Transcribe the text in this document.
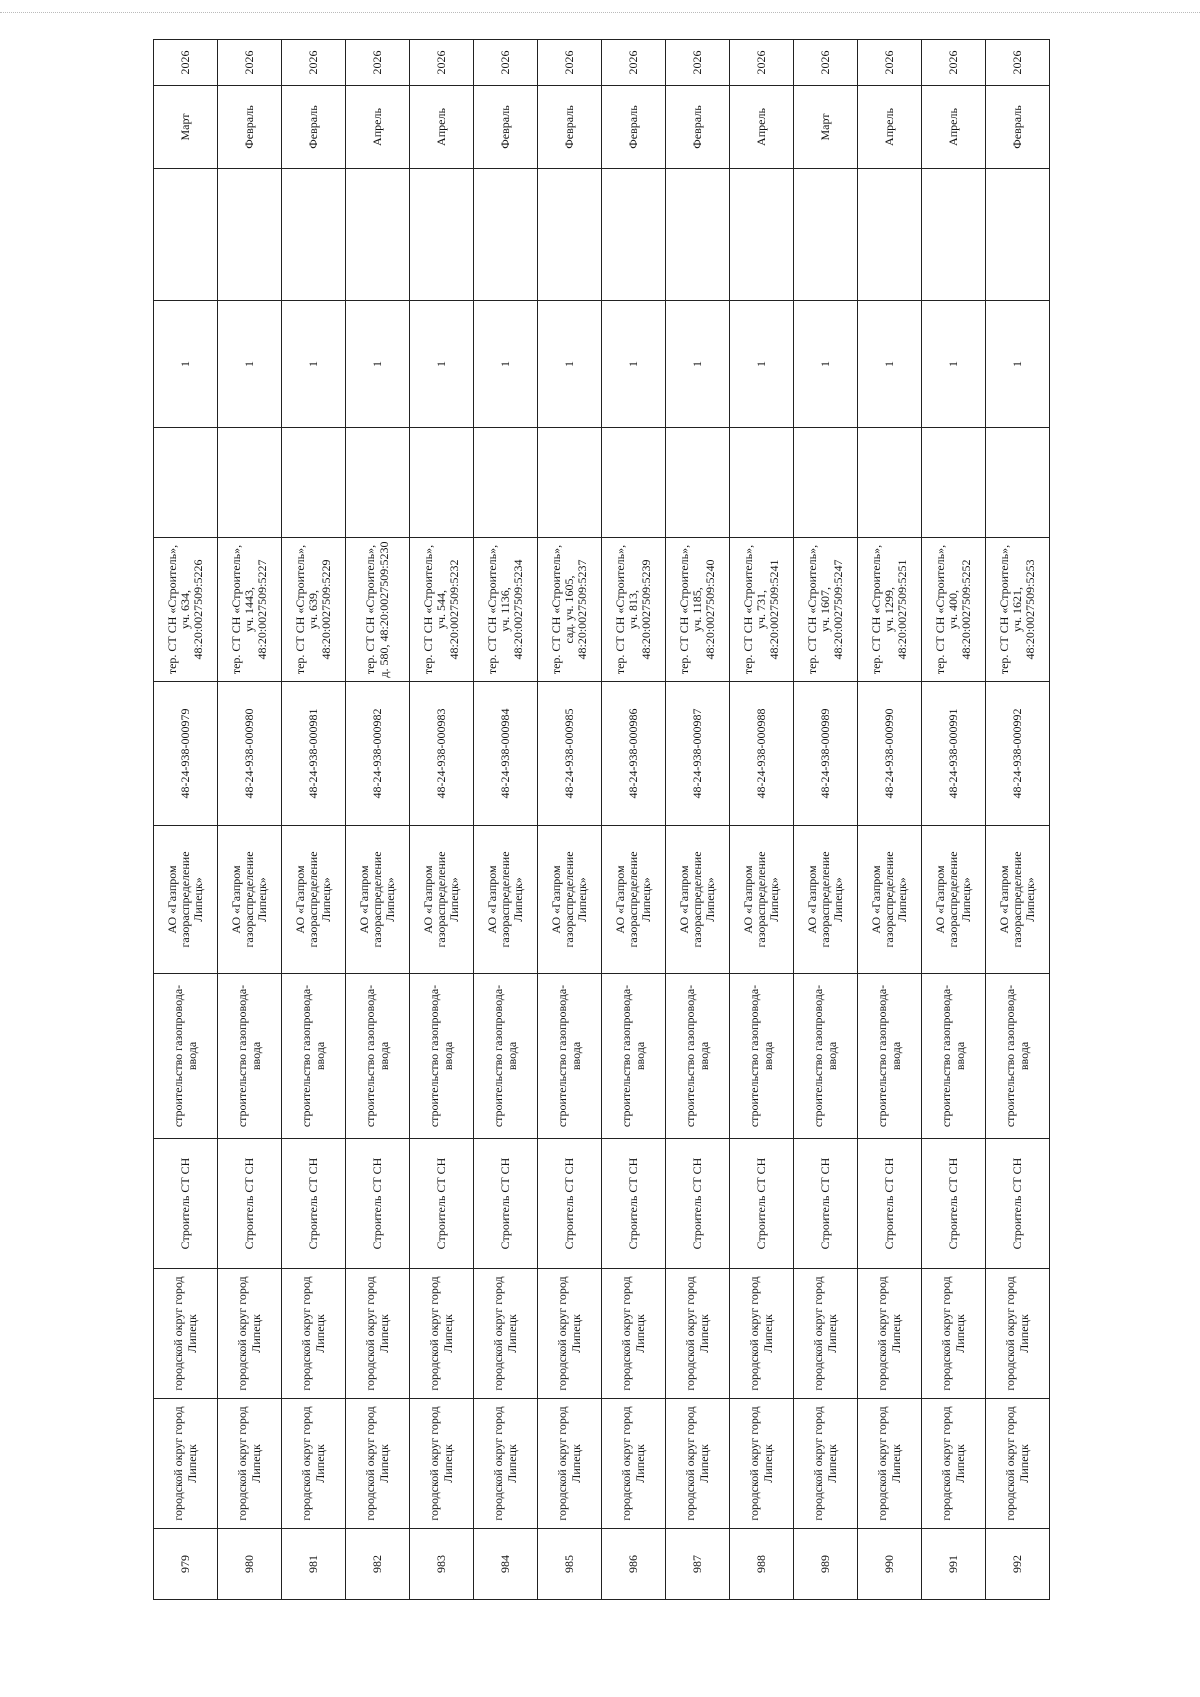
979	городской округ город Липецк	городской округ город Липецк	Строитель СТ СН	строительство газопровода-ввода	АО «Газпром газораспределение Липецк»	48-24-938-000979	тер. СТ СН «Строитель», уч. 634, 48:20:0027509:5226		1		Март	2026
980	городской округ город Липецк	городской округ город Липецк	Строитель СТ СН	строительство газопровода-ввода	АО «Газпром газораспределение Липецк»	48-24-938-000980	тер. СТ СН «Строитель», уч. 1443, 48:20:0027509:5227		1		Февраль	2026
981	городской округ город Липецк	городской округ город Липецк	Строитель СТ СН	строительство газопровода-ввода	АО «Газпром газораспределение Липецк»	48-24-938-000981	тер. СТ СН «Строитель», уч. 639, 48:20:0027509:5229		1		Февраль	2026
982	городской округ город Липецк	городской округ город Липецк	Строитель СТ СН	строительство газопровода-ввода	АО «Газпром газораспределение Липецк»	48-24-938-000982	тер. СТ СН «Строитель», д. 580, 48:20:0027509:5230		1		Апрель	2026
983	городской округ город Липецк	городской округ город Липецк	Строитель СТ СН	строительство газопровода-ввода	АО «Газпром газораспределение Липецк»	48-24-938-000983	тер. СТ СН «Строитель», уч. 544, 48:20:0027509:5232		1		Апрель	2026
984	городской округ город Липецк	городской округ город Липецк	Строитель СТ СН	строительство газопровода-ввода	АО «Газпром газораспределение Липецк»	48-24-938-000984	тер. СТ СН «Строитель», уч. 1136, 48:20:0027509:5234		1		Февраль	2026
985	городской округ город Липецк	городской округ город Липецк	Строитель СТ СН	строительство газопровода-ввода	АО «Газпром газораспределение Липецк»	48-24-938-000985	тер. СТ СН «Строитель», сад. уч. 1605, 48:20:0027509:5237		1		Февраль	2026
986	городской округ город Липецк	городской округ город Липецк	Строитель СТ СН	строительство газопровода-ввода	АО «Газпром газораспределение Липецк»	48-24-938-000986	тер. СТ СН «Строитель», уч. 813, 48:20:0027509:5239		1		Февраль	2026
987	городской округ город Липецк	городской округ город Липецк	Строитель СТ СН	строительство газопровода-ввода	АО «Газпром газораспределение Липецк»	48-24-938-000987	тер. СТ СН «Строитель», уч. 1185, 48:20:0027509:5240		1		Февраль	2026
988	городской округ город Липецк	городской округ город Липецк	Строитель СТ СН	строительство газопровода-ввода	АО «Газпром газораспределение Липецк»	48-24-938-000988	тер. СТ СН «Строитель», уч. 731, 48:20:0027509:5241		1		Апрель	2026
989	городской округ город Липецк	городской округ город Липецк	Строитель СТ СН	строительство газопровода-ввода	АО «Газпром газораспределение Липецк»	48-24-938-000989	тер. СТ СН «Строитель», уч. 1607, 48:20:0027509:5247		1		Март	2026
990	городской округ город Липецк	городской округ город Липецк	Строитель СТ СН	строительство газопровода-ввода	АО «Газпром газораспределение Липецк»	48-24-938-000990	тер. СТ СН «Строитель», уч. 1299, 48:20:0027509:5251		1		Апрель	2026
991	городской округ город Липецк	городской округ город Липецк	Строитель СТ СН	строительство газопровода-ввода	АО «Газпром газораспределение Липецк»	48-24-938-000991	тер. СТ СН «Строитель», уч. 400, 48:20:0027509:5252		1		Апрель	2026
992	городской округ город Липецк	городской округ город Липецк	Строитель СТ СН	строительство газопровода-ввода	АО «Газпром газораспределение Липецк»	48-24-938-000992	тер. СТ СН «Строитель», уч. 1621, 48:20:0027509:5253		1		Февраль	2026
